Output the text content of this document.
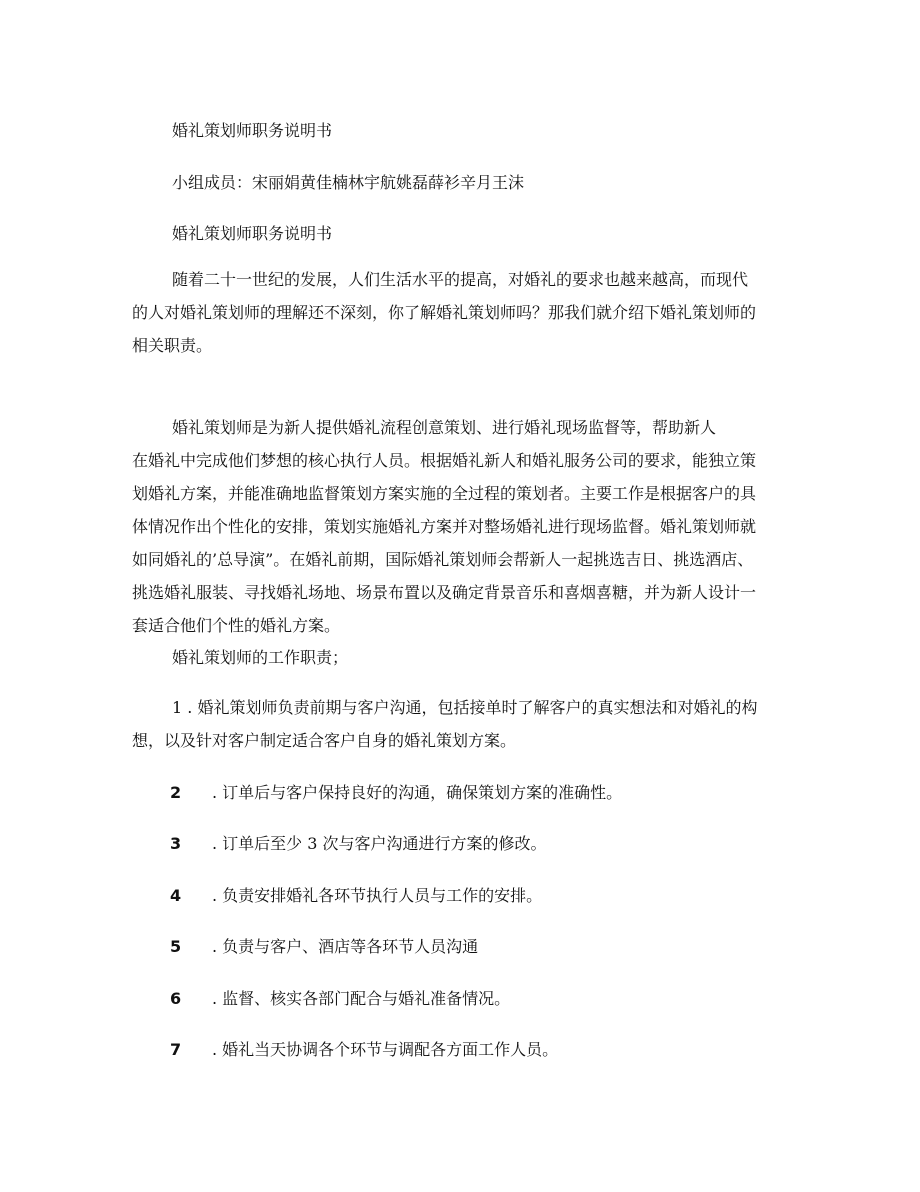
婚礼策划师职务说明书
小组成员：宋丽娟黄佳楠林宇航姚磊薛衫辛月王沫
婚礼策划师职务说明书
随着二十一世纪的发展，人们生活水平的提高，对婚礼的要求也越来越高，而现代
的人对婚礼策划师的理解还不深刻，你了解婚礼策划师吗？那我们就介绍下婚礼策划师的
相关职责。
婚礼策划师是为新人提供婚礼流程创意策划、进行婚礼现场监督等，帮助新人
在婚礼中完成他们梦想的核心执行人员。根据婚礼新人和婚礼服务公司的要求，能独立策
划婚礼方案，并能准确地监督策划方案实施的全过程的策划者。主要工作是根据客户的具
体情况作出个性化的安排，策划实施婚礼方案并对整场婚礼进行现场监督。婚礼策划师就
如同婚礼的’总导演”。在婚礼前期，国际婚礼策划师会帮新人一起挑选吉日、挑选酒店、
挑选婚礼服装、寻找婚礼场地、场景布置以及确定背景音乐和喜烟喜糖，并为新人设计一
套适合他们个性的婚礼方案。
婚礼策划师的工作职责；
1 . 婚礼策划师负责前期与客户沟通，包括接单时了解客户的真实想法和对婚礼的构
想，以及针对客户制定适合客户自身的婚礼策划方案。
2 . 订单后与客户保持良好的沟通，确保策划方案的准确性。
3 . 订单后至少 3 次与客户沟通进行方案的修改。
4 . 负责安排婚礼各环节执行人员与工作的安排。
5 . 负责与客户、酒店等各环节人员沟通
6 . 监督、核实各部门配合与婚礼准备情况。
7 . 婚礼当天协调各个环节与调配各方面工作人员。
